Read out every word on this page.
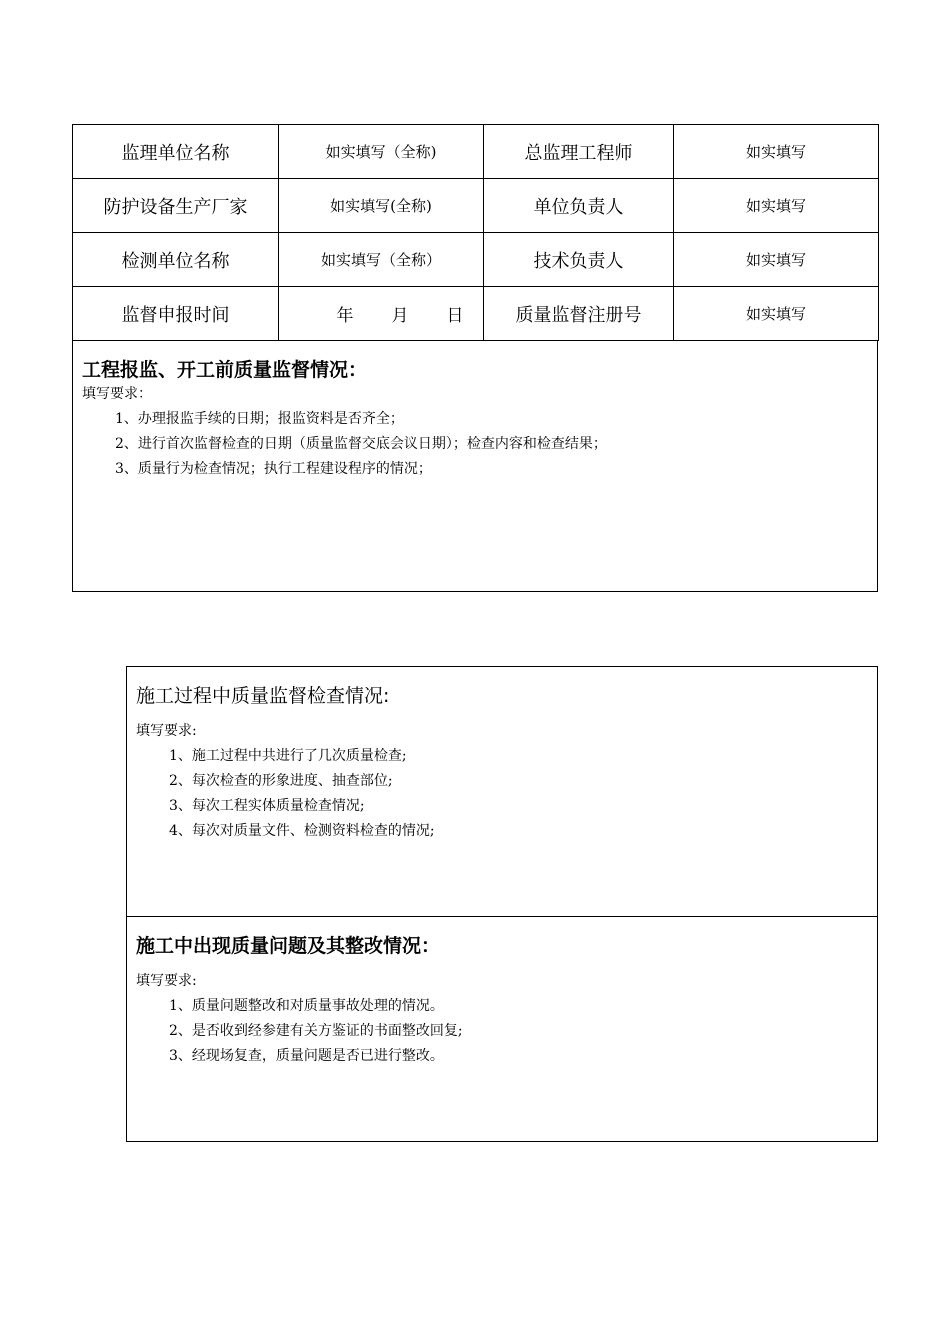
监理单位名称	如实填写（全称)	总监理工程师	如实填写
防护设备生产厂家	如实填写(全称)	单位负责人	如实填写
检测单位名称	如实填写（全称）	技术负责人	如实填写
监督申报时间	年 月 日	质量监督注册号	如实填写
工程报监、开工前质量监督情况：
填写要求：
1、办理报监手续的日期；报监资料是否齐全；
2、进行首次监督检查的日期（质量监督交底会议日期）；检查内容和检查结果；
3、质量行为检查情况；执行工程建设程序的情况；
施工过程中质量监督检查情况:
填写要求:
1、施工过程中共进行了几次质量检查;
2、每次检查的形象进度、抽查部位;
3、每次工程实体质量检查情况;
4、每次对质量文件、检测资料检查的情况;
施工中出现质量问题及其整改情况：
填写要求:
1、质量问题整改和对质量事故处理的情况。
2、是否收到经参建有关方鉴证的书面整改回复;
3、经现场复查，质量问题是否已进行整改。
